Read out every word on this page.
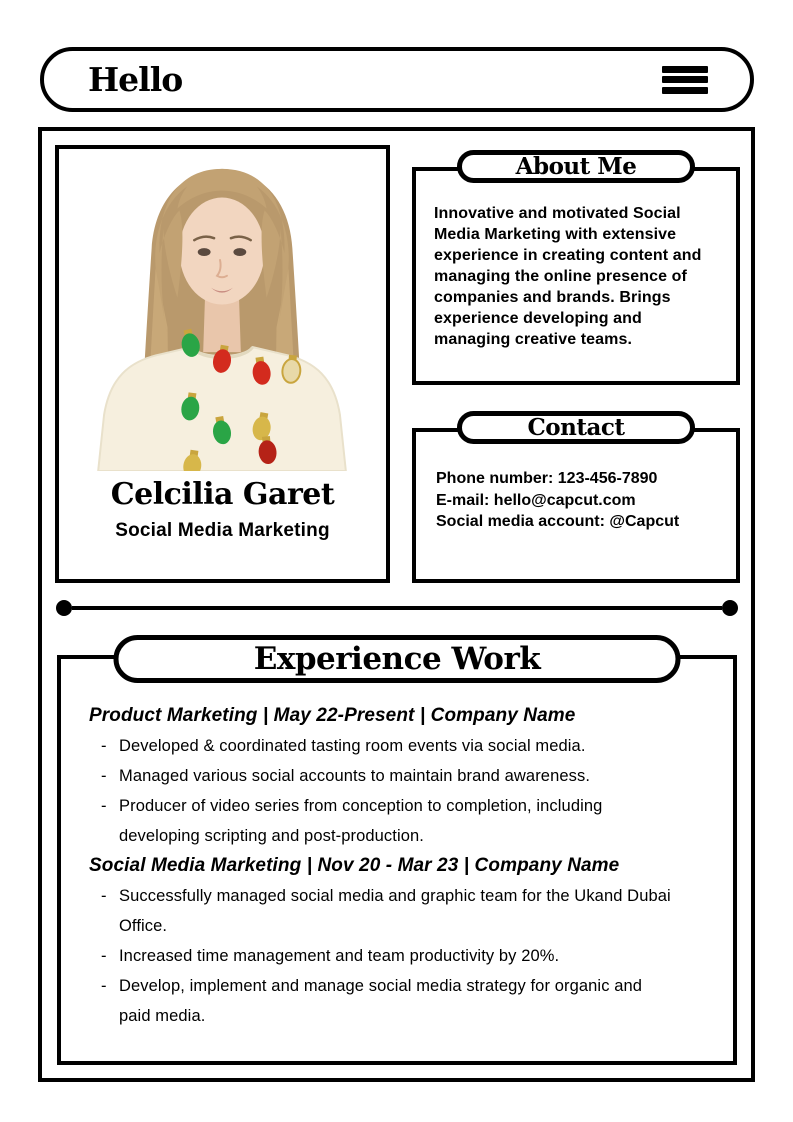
Hello
Celcilia Garet
Social Media Marketing
About Me
Innovative and motivated Social Media Marketing with extensive experience in creating content and managing the online presence of companies and brands. Brings experience developing and managing creative teams.
Contact
Phone number: 123-456-7890
E-mail: hello@capcut.com
Social media account: @Capcut
Experience Work
Product Marketing | May 22-Present | Company Name
- Developed & coordinated tasting room events via social media.
- Managed various social accounts to maintain brand awareness.
- Producer of video series from conception to completion, including developing scripting and post-production.
Social Media Marketing | Nov 20 - Mar 23 | Company Name
- Successfully managed social media and graphic team for the Ukand Dubai Office.
- Increased time management and team productivity by 20%.
- Develop, implement and manage social media strategy for organic and paid media.
